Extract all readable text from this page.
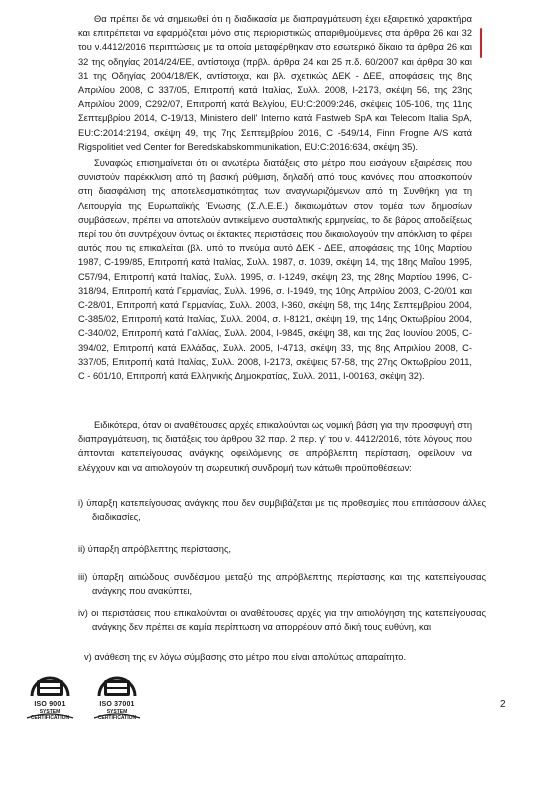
Θα πρέπει δε νά σημειωθεί ότι η διαδικασία με διαπραγμάτευση έχει εξαιρετικό χαρακτήρα και επιτρέπεται να εφαρμόζεται μόνο στις περιοριστικώς απαριθμούμενες στα άρθρα 26 και 32 του ν.4412/2016 περιπτώσεις με τα οποία μεταφέρθηκαν στο εσωτερικό δίκαιο τα άρθρα 26 και 32 της οδηγίας 2014/24/ΕΕ, αντίστοιχα (πρβλ. άρθρα 24 και 25 π.δ. 60/2007 και άρθρα 30 και 31 της Οδηγίας 2004/18/ΕΚ, αντίστοιχα, και βλ. σχετικώς ΔΕΚ - ΔΕΕ, αποφάσεις της 8ης Απριλίου 2008, C 337/05, Επιτροπή κατά Ιταλίας, Συλλ. 2008, Ι-2173, σκέψη 56, της 23ης Απριλίου 2009, C292/07, Επιτροπή κατά Βελγίου, EU:C:2009:246, σκέψεις 105-106, της 11ης Σεπτεμβρίου 2014, C-19/13, Ministero dell' Interno κατά Fastweb SpA και Telecom Italia SpA, EU:C:2014:2194, σκέψη 49, της 7ης Σεπτεμβρίου 2016, C -549/14, Finn Frogne A/S κατά Rigspolitiet ved Center for Beredskabskommunikation, EU:C:2016:634, σκέψη 35).

Συναφώς επισημαίνεται ότι οι ανωτέρω διατάξεις στο μέτρο που εισάγουν εξαιρέσεις που συνιστούν παρέκκλιση από τη βασική ρύθμιση, δηλαδή από τους κανόνες που αποσκοπούν στη διασφάλιση της αποτελεσματικότητας των αναγνωριζόμενων από τη Συνθήκη για τη Λειτουργία της Ευρωπαϊκής Ένωσης (Σ.Λ.Ε.Ε.) δικαιωμάτων στον τομέα των δημοσίων συμβάσεων, πρέπει να αποτελούν αντικείμενο συσταλτικής ερμηνείας, το δε βάρος αποδείξεως περί του ότι συντρέχουν όντως οι έκτακτες περιστάσεις που δικαιολογούν την απόκλιση το φέρει αυτός που τις επικαλείται (βλ. υπό το πνεύμα αυτό ΔΕΚ - ΔΕΕ, αποφάσεις της 10ης Μαρτίου 1987, C-199/85, Επιτροπή κατά Ιταλίας, Συλλ. 1987, σ. 1039, σκέψη 14, της 18ης Μαΐου 1995, C57/94, Επιτροπή κατά Ιταλίας, Συλλ. 1995, σ. Ι-1249, σκέψη 23, της 28ης Μαρτίου 1996, C-318/94, Επιτροπή κατά Γερμανίας, Συλλ. 1996, σ. Ι-1949, της 10ης Απριλίου 2003, C-20/01 και C-28/01, Επιτροπή κατά Γερμανίας, Συλλ. 2003, Ι-360, σκέψη 58, της 14ης Σεπτεμβρίου 2004, C-385/02, Επιτροπή κατά Ιταλίας, Συλλ. 2004, σ. Ι-8121, σκέψη 19, της 14ης Οκτωβρίου 2004, C-340/02, Επιτροπή κατά Γαλλίας, Συλλ. 2004, Ι-9845, σκέψη 38, και της 2ας Ιουνίου 2005, C-394/02, Επιτροπή κατά Ελλάδας, Συλλ. 2005, Ι-4713, σκέψη 33, της 8ης Απριλίου 2008, C- 337/05, Επιτροπή κατά Ιταλίας, Συλλ. 2008, Ι-2173, σκέψεις 57-58, της 27ης Οκτωβρίου 2011, C - 601/10, Επιτροπή κατά Ελληνικής Δημοκρατίας, Συλλ. 2011, Ι-00163, σκέψη 32).

Ειδικότερα, όταν οι αναθέτουσες αρχές επικαλούνται ως νομική βάση για την προσφυγή στη διαπραγμάτευση, τις διατάξεις του άρθρου 32 παρ. 2 περ. γ' του ν. 4412/2016, τότε λόγους που άπτονται κατεπείγουσας ανάγκης οφειλόμενης σε απρόβλεπτη περίσταση, οφείλουν να ελέγχουν και να αιτιολογούν τη σωρευτική συνδρομή των κάτωθι προϋποθέσεων:

i) ύπαρξη κατεπείγουσας ανάγκης που δεν συμβιβάζεται με τις προθεσμίες που επιτάσσουν άλλες διαδικασίες,

ii) ύπαρξη απρόβλεπτης περίστασης,

iii) ύπαρξη αιτιώδους συνδέσμου μεταξύ της απρόβλεπτης περίστασης και της κατεπείγουσας ανάγκης που ανακύπτει,

iv) οι περιστάσεις που επικαλούνται οι αναθέτουσες αρχές για την αιτιολόγηση της κατεπείγουσας ανάγκης δεν πρέπει σε καμία περίπτωση να απορρέουν από δική τους ευθύνη, και

v) ανάθεση της εν λόγω σύμβασης στο μέτρο που είναι απολύτως απαραίτητο.

ISO 9001
SYSTEM CERTIFICATION
ISO 37001
SYSTEM CERTIFICATION
2
